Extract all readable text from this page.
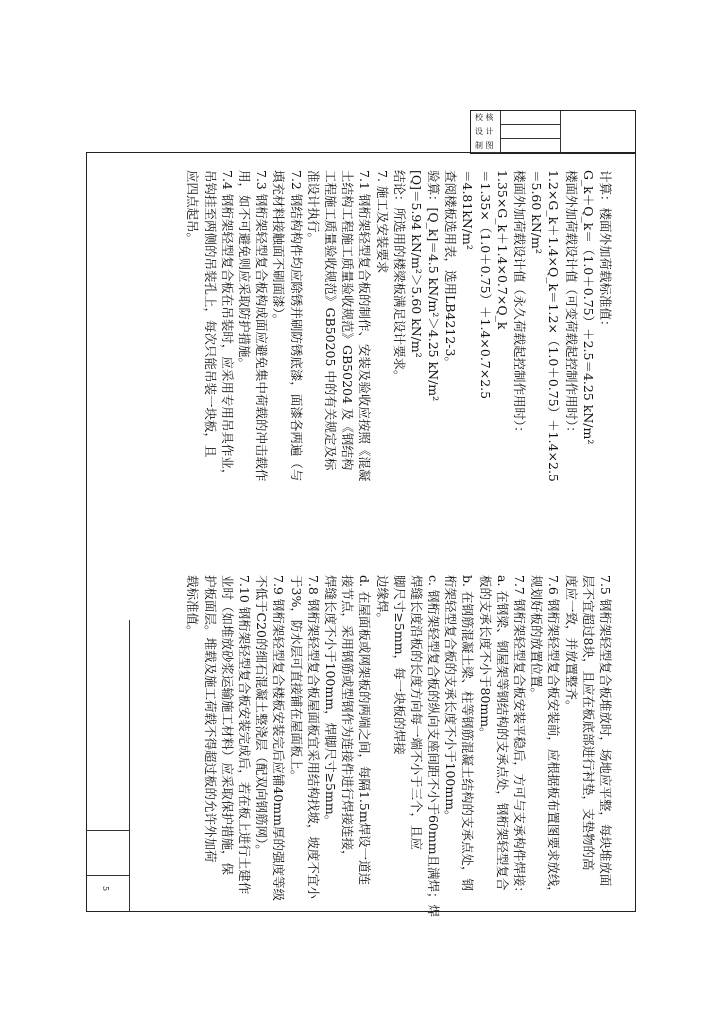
校 核
设 计
制 图
5
计算：楼面外加荷载标准值：
G_k＋Q_k＝（1.0＋0.75）＋2.5＝4.25 kN/m²
楼面外加荷载设计值（可变荷载起控制作用时）：
1.2×G_k＋1.4×Q_k＝1.2×（1.0＋0.75）＋1.4×2.5
＝5.60 kN/m²
楼面外加荷载设计值（永久荷载起控制作用时）：
1.35×G_k＋1.4×0.7×Q_k
＝1.35×（1.0＋0.75）＋1.4×0.7×2.5
＝4.81kN/m²
查阅楼板选用表，选用LB4212-3。
验算：[Q_k]＝4.5 kN/m²＞4.25 kN/m²
[Q]＝5.94 kN/m²＞5.60 kN/m²
结论：所选用的楼梁板满足设计要求。
7. 施工及安装要求
7.1 钢桁架轻型复合板的制作、安装及验收应按照《混凝
土结构工程施工质量验收规范》GB50204 及《钢结构
工程施工质量验收规范》GB50205 中的有关规定及标
准设计执行。
7.2 钢结构构件均应除锈并刷防锈底漆，面漆各两遍（与
填充材料接触面不刷面漆）。
7.3 钢桁架轻型复合板构成面应避免集中荷载的冲击载作
用，如不可避免则应采取防护措施。
7.4 钢桁架轻型复合板在吊装时，应采用专用吊具作业，
吊钩挂至两侧的吊装孔上，每次只能吊装一块板，且
应四点起吊。
7.5 钢桁架轻型复合板堆放时，场地应平整，每块堆放面
层不宜超过8块，且应在板底部进行衬垫，支垫物的高
度应一致，并放置整齐。
7.6 钢桁架轻型复合板安装前，应根据板布置图要求放线，
规划好板的放置位置。
7.7 钢桁架轻型复合板安装平稳后，方可与支承构件焊接：
a. 在钢梁、钢屋架等钢结构的支承点处，钢桁架轻型复合
板的支承长度不小于80mm。
b. 在钢筋混凝土梁、柱等钢筋混凝土结构的支承点处，钢
桁架轻型复合板的支承长度不小于100mm。
c. 钢桁架轻型复合板的纵向支座间距不小于60mm且满焊；焊
焊缝长度沿板的长度方向每一端不小于三个，且应
脚尺寸≥5mm，每一块板的焊接
边缘焊。
d. 在屋面板或网架板的两端之间，每隔1.5m焊设一道连
接节点，采用钢筋或型钢作为连接件进行焊接连接，
焊缝长度不小于100mm，焊脚尺寸≥5mm。
7.8 钢桁架轻型复合板屋面板宜采用结构找坡，坡度不宜小
于3%，防水层可直接铺在屋面板上。
7.9 钢桁架轻型复合楼板安装完后应铺40mm厚的强度等级
不低于C20的细石混凝土整浇层（配双向钢筋网）。
7.10 钢桁架轻型复合板安装完成后，若在板上进行土建作
业时（如堆放砂浆运输施工材料）应采取保护措施，保
护板面层。堆载及施工荷载不得超过板的允许外加荷
载标准值。
